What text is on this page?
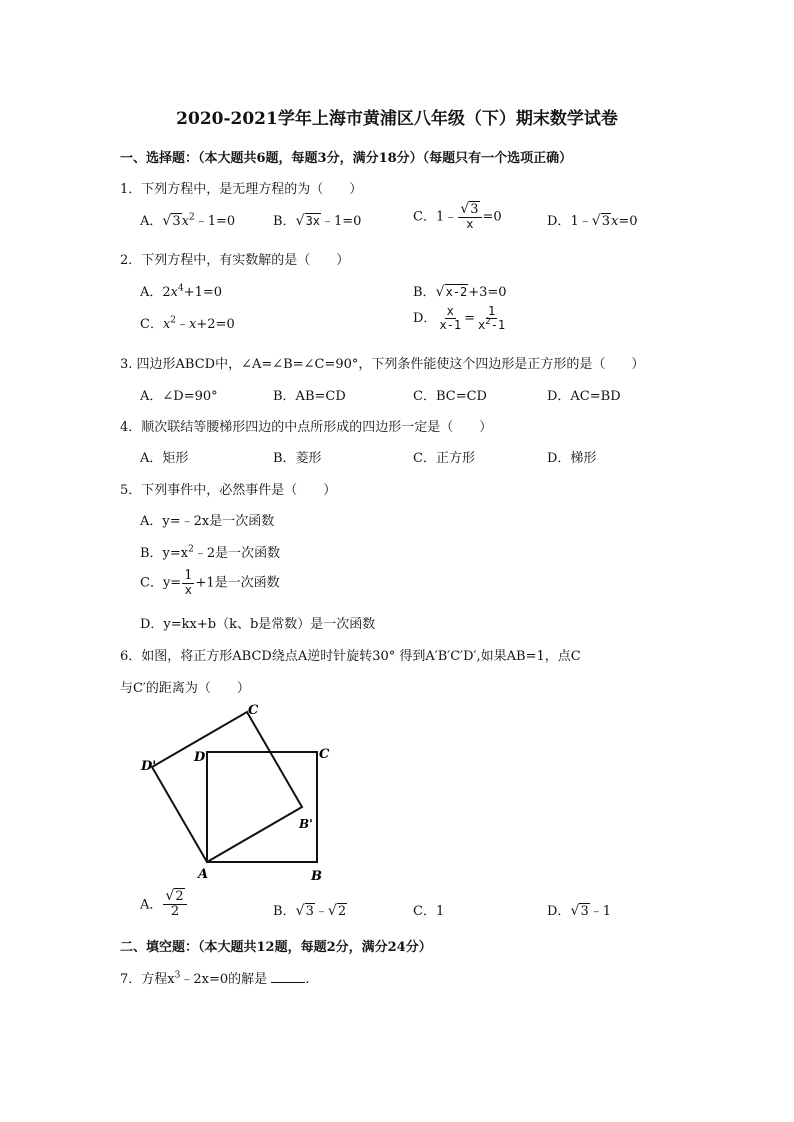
2020-2021学年上海市黄浦区八年级（下）期末数学试卷
一、选择题：（本大题共6题，每题3分，满分18分）（每题只有一个选项正确）
1．下列方程中，是无理方程的为（　　）
A． √ $3x^2﹣1=0$	B． √ 3x﹣1=0	C．1﹣ √ $\frac{3}{x} =0$	D．1﹣ √ 3x=0
2．下列方程中，有实数解的是（　　）
A．$2x^4+1=0$	B． √ x-2+3=0
C．$x^2﹣x+2=0$	D． $\frac{x}{x-1} = \frac{1}{x^2-1}$
3. 四边形ABCD中，∠A=∠B=∠C=90°，下列条件能使这个四边形是正方形的是（　　）
A．∠D=90°	B．AB=CD	C．BC=CD	D．AC=BD
4．顺次联结等腰梯形四边的中点所形成的四边形一定是（　　）
A．矩形	B．菱形	C．正方形	D．梯形
5．下列事件中，必然事件是（　　）
A．y=﹣2x是一次函数
B．$y=x^2﹣2$是一次函数
C．$y= \frac{1}{x} +1$是一次函数
D．y=kx+b（k、b是常数）是一次函数
6．如图，将正方形ABCD绕点A逆时针旋转30° 得到A′B′C′D′,如果AB=1，点C
与C′的距离为（　　）
C
D'
D	C
B'
A	B
A． √ $\frac{2}{2}$	B． √ 3﹣ √ 2	C．1	D． √ 3﹣1
二、填空题：（本大题共12题，每题2分，满分24分）
7．方程$x^3﹣2x=0$的解是	.
